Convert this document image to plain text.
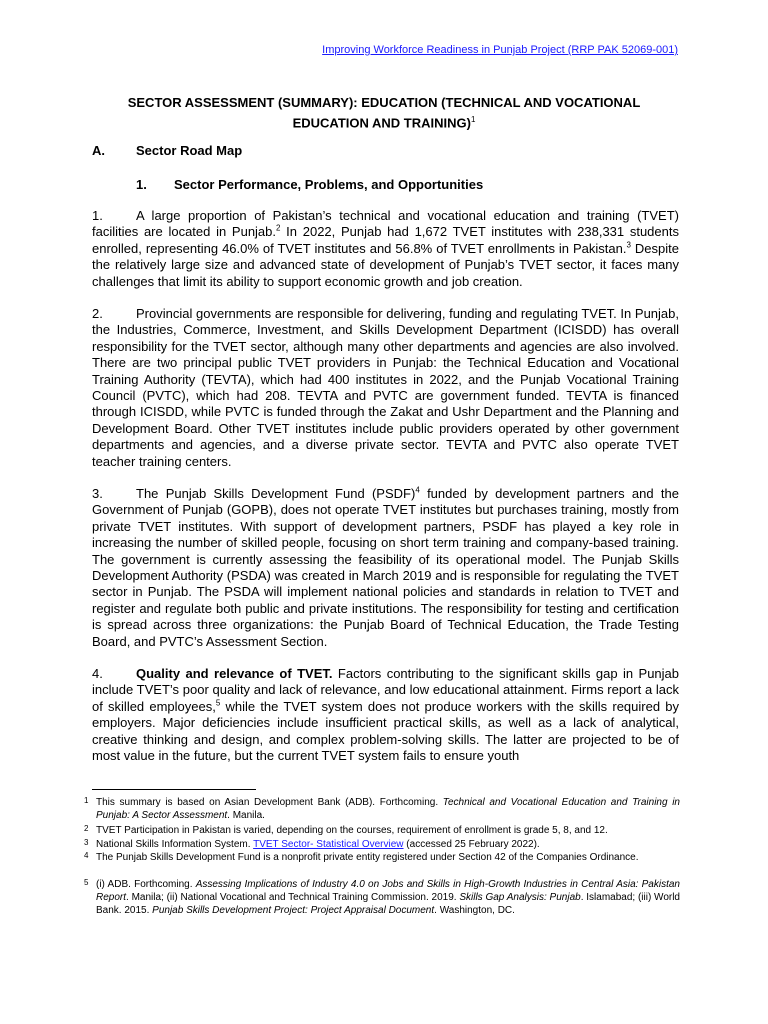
Improving Workforce Readiness in Punjab Project (RRP PAK 52069-001)
SECTOR ASSESSMENT (SUMMARY): EDUCATION (TECHNICAL AND VOCATIONAL EDUCATION AND TRAINING)$^1$
A. Sector Road Map
1. Sector Performance, Problems, and Opportunities

1.	A large proportion of Pakistan’s technical and vocational education and training (TVET) facilities are located in Punjab.$^2$ In 2022, Punjab had 1,672 TVET institutes with 238,331 students enrolled, representing 46.0% of TVET institutes and 56.8% of TVET enrollments in Pakistan.$^3$ Despite the relatively large size and advanced state of development of Punjab’s TVET sector, it faces many challenges that limit its ability to support economic growth and job creation.

2.	Provincial governments are responsible for delivering, funding and regulating TVET. In Punjab, the Industries, Commerce, Investment, and Skills Development Department (ICISDD) has overall responsibility for the TVET sector, although many other departments and agencies are also involved. There are two principal public TVET providers in Punjab: the Technical Education and Vocational Training Authority (TEVTA), which had 400 institutes in 2022, and the Punjab Vocational Training Council (PVTC), which had 208. TEVTA and PVTC are government funded. TEVTA is financed through ICISDD, while PVTC is funded through the Zakat and Ushr Department and the Planning and Development Board. Other TVET institutes include public providers operated by other government departments and agencies, and a diverse private sector. TEVTA and PVTC also operate TVET teacher training centers.

3.	The Punjab Skills Development Fund (PSDF)$^4$ funded by development partners and the Government of Punjab (GOPB), does not operate TVET institutes but purchases training, mostly from private TVET institutes. With support of development partners, PSDF has played a key role in increasing the number of skilled people, focusing on short term training and company-based training. The government is currently assessing the feasibility of its operational model. The Punjab Skills Development Authority (PSDA) was created in March 2019 and is responsible for regulating the TVET sector in Punjab. The PSDA will implement national policies and standards in relation to TVET and register and regulate both public and private institutions. The responsibility for testing and certification is spread across three organizations: the Punjab Board of Technical Education, the Trade Testing Board, and PVTC’s Assessment Section.

4.	Quality and relevance of TVET. Factors contributing to the significant skills gap in Punjab include TVET’s poor quality and lack of relevance, and low educational attainment. Firms report a lack of skilled employees,$^5$ while the TVET system does not produce workers with the skills required by employers. Major deficiencies include insufficient practical skills, as well as a lack of analytical, creative thinking and design, and complex problem-solving skills. The latter are projected to be of most value in the future, but the current TVET system fails to ensure youth

1 This summary is based on Asian Development Bank (ADB). Forthcoming. Technical and Vocational Education and Training in Punjab: A Sector Assessment. Manila.
2 TVET Participation in Pakistan is varied, depending on the courses, requirement of enrollment is grade 5, 8, and 12.
3 National Skills Information System. TVET Sector- Statistical Overview (accessed 25 February 2022).
4 The Punjab Skills Development Fund is a nonprofit private entity registered under Section 42 of the Companies Ordinance.
5 (i) ADB. Forthcoming. Assessing Implications of Industry 4.0 on Jobs and Skills in High-Growth Industries in Central Asia: Pakistan Report. Manila; (ii) National Vocational and Technical Training Commission. 2019. Skills Gap Analysis: Punjab. Islamabad; (iii) World Bank. 2015. Punjab Skills Development Project: Project Appraisal Document. Washington, DC.
